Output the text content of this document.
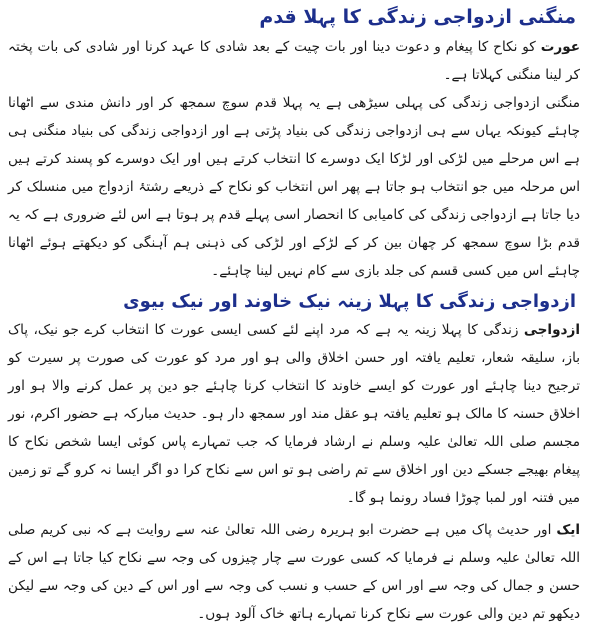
منگنی ازدواجی زندگی کا پہلا قدم

عورت کو نکاح کا پیغام و دعوت دینا اور بات چیت کے بعد شادی کا عہد کرنا اور شادی کی بات پختہ کر لینا منگنی کہلاتا ہے۔

منگنی ازدواجی زندگی کی پہلی سیڑھی ہے یہ پہلا قدم سوچ سمجھ کر اور دانش مندی سے اٹھانا چاہئے کیونکہ یہاں سے ہی ازدواجی زندگی کی بنیاد پڑتی ہے اور ازدواجی زندگی کی بنیاد منگنی ہی ہے اس مرحلے میں لڑکی اور لڑکا ایک دوسرے کا انتخاب کرتے ہیں اور ایک دوسرے کو پسند کرتے ہیں اس مرحلہ میں جو انتخاب ہو جاتا ہے پھر اس انتخاب کو نکاح کے ذریعے رشتۂ ازدواج میں منسلک کر دیا جاتا ہے ازدواجی زندگی کی کامیابی کا انحصار اسی پہلے قدم پر ہوتا ہے اس لئے ضروری ہے کہ یہ قدم بڑا سوچ سمجھ کر چھان بین کر کے لڑکے اور لڑکی کی ذہنی ہم آہنگی کو دیکھتے ہوئے اٹھانا چاہئے اس میں کسی قسم کی جلد بازی سے کام نہیں لینا چاہئے۔

ازدواجی زندگی کا پہلا زینہ نیک خاوند اور نیک بیوی

ازدواجی زندگی کا پہلا زینہ یہ ہے کہ مرد اپنے لئے کسی ایسی عورت کا انتخاب کرے جو نیک، پاک باز، سلیقہ شعار، تعلیم یافتہ اور حسن اخلاق والی ہو اور مرد کو عورت کی صورت پر سیرت کو ترجیح دینا چاہئے اور عورت کو ایسے خاوند کا انتخاب کرنا چاہئے جو دین پر عمل کرنے والا ہو اور اخلاق حسنہ کا مالک ہو تعلیم یافتہ ہو عقل مند اور سمجھ دار ہو۔ حدیث مبارکہ ہے حضور اکرم، نور مجسم صلی اللہ تعالیٰ علیہ وسلم نے ارشاد فرمایا کہ جب تمہارے پاس کوئی ایسا شخص نکاح کا پیغام بھیجے جسکے دین اور اخلاق سے تم راضی ہو تو اس سے نکاح کرا دو اگر ایسا نہ کرو گے تو زمین میں فتنہ اور لمبا چوڑا فساد رونما ہو گا۔

ایک اور حدیث پاک میں ہے حضرت ابو ہریرہ رضی اللہ تعالیٰ عنہ سے روایت ہے کہ نبی کریم صلی اللہ تعالیٰ علیہ وسلم نے فرمایا کہ کسی عورت سے چار چیزوں کی وجہ سے نکاح کیا جاتا ہے اس کے حسن و جمال کی وجہ سے اور اس کے حسب و نسب کی وجہ سے اور اس کے دین کی وجہ سے لیکن دیکھو تم دین والی عورت سے نکاح کرنا تمہارے ہاتھ خاک آلود ہوں۔
